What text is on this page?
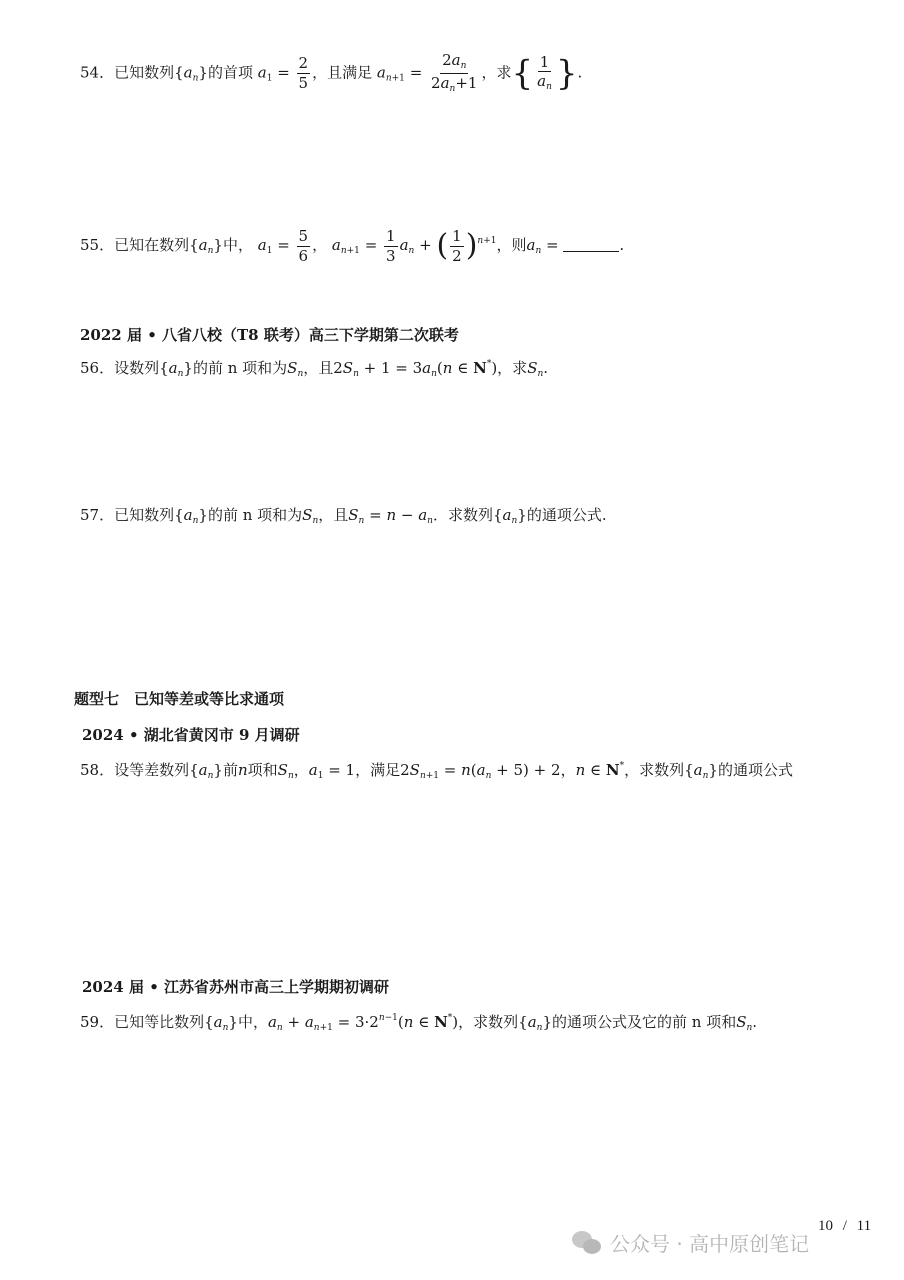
54．已知数列$\{a_n\}$的首项 $a_1 = \frac{2}{5}$ ，且满足 $a_{n+1} = \frac{2a_n}{2a_n+1}$ ，求{ $\frac{1}{a_n}$ }.
55．已知在数列$\{a_n\}$中， $a_1 = \frac{5}{6}$ ， $a_{n+1} = \frac{1}{3} a_n$ + ( $\frac{1}{2} )^{n+1}$，则$a_n$ =	.
2022 届 • 八省八校（T8 联考）高三下学期第二次联考
56．设数列$\{a_n\}$的前 n 项和为$S_n$，且$2S_n + 1 = 3a_n(n$ ∈ N*)，求$S_n$.
57．已知数列$\{a_n\}$的前 n 项和为$S_n$，且$S_n = n - a_n$．求数列$\{a_n\}$的通项公式.
题型七　已知等差或等比求通项
2024 • 湖北省黄冈市 9 月调研
58．设等差数列$\{a_n\}$前n项和$S_n$，$a_1 = 1$，满足$2S_{n+1} = n(a_n + 5) + 2$，n ∈ N*，求数列$\{a_n\}$的通项公式
2024 届 • 江苏省苏州市高三上学期期初调研
59．已知等比数列$\{a_n\}$中，$a_n + a_{n+1} = 3\cdot 2^{n-1}(n$ ∈ N*)，求数列$\{a_n\}$的通项公式及它的前 n 项和$S_n$.
10 / 11
公众号 · 高中原创笔记
